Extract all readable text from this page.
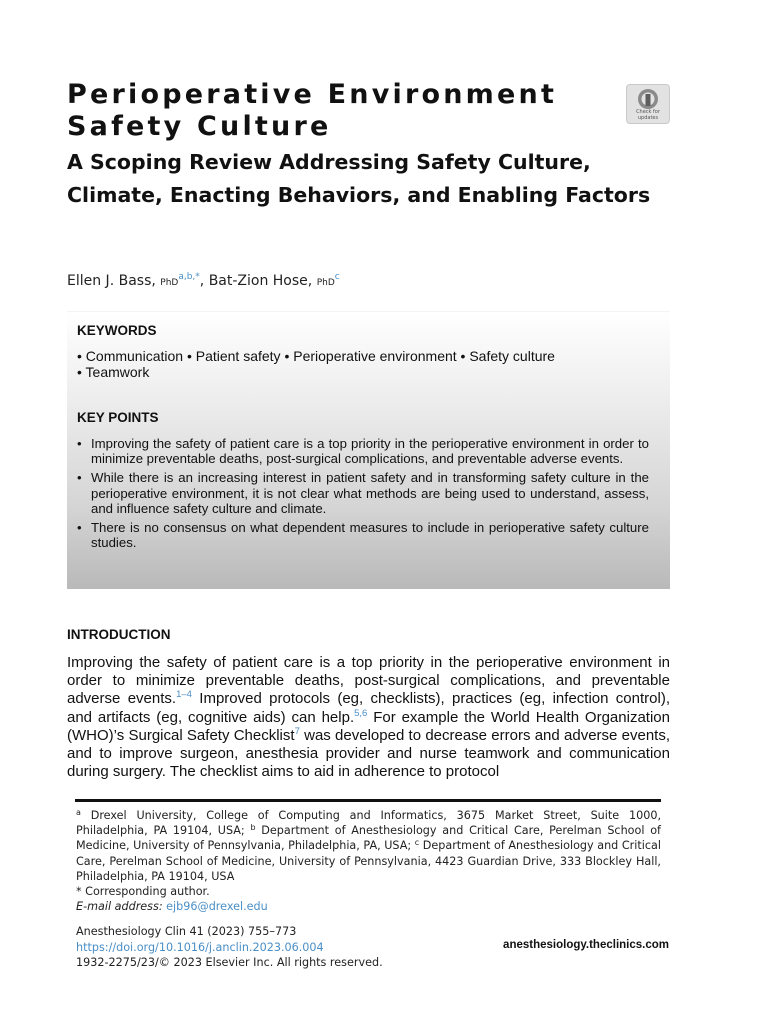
Perioperative Environment
Safety Culture	Check for
updates
A Scoping Review Addressing Safety Culture, Climate, Enacting Behaviors, and Enabling Factors
Ellen J. Bass, PhD$^{a,b,*}$, Bat-Zion Hose, PhD$^c$
KEYWORDS
• Communication • Patient safety • Perioperative environment • Safety culture
• Teamwork
KEY POINTS
• Improving the safety of patient care is a top priority in the perioperative environment in order to minimize preventable deaths, post-surgical complications, and preventable adverse events.
• While there is an increasing interest in patient safety and in transforming safety culture in the perioperative environment, it is not clear what methods are being used to understand, assess, and influence safety culture and climate.
• There is no consensus on what dependent measures to include in perioperative safety culture studies.
INTRODUCTION
Improving the safety of patient care is a top priority in the perioperative environment in order to minimize preventable deaths, post-surgical complications, and preventable adverse events.$^{1-4}$ Improved protocols (eg, checklists), practices (eg, infection control), and artifacts (eg, cognitive aids) can help.$^{5,6}$ For example the World Health Organization (WHO)’s Surgical Safety Checklist$^7$ was developed to decrease errors and adverse events, and to improve surgeon, anesthesia provider and nurse teamwork and communication during surgery. The checklist aims to aid in adherence to protocol
$^a$ Drexel University, College of Computing and Informatics, 3675 Market Street, Suite 1000, Philadelphia, PA 19104, USA; $^b$ Department of Anesthesiology and Critical Care, Perelman School of Medicine, University of Pennsylvania, Philadelphia, PA, USA; $^c$ Department of Anesthesiology and Critical Care, Perelman School of Medicine, University of Pennsylvania, 4423 Guardian Drive, 333 Blockley Hall, Philadelphia, PA 19104, USA
* Corresponding author.
E-mail address: ejb96@drexel.edu
Anesthesiology Clin 41 (2023) 755–773
https://doi.org/10.1016/j.anclin.2023.06.004
1932-2275/23/© 2023 Elsevier Inc. All rights reserved.
anesthesiology.theclinics.com
